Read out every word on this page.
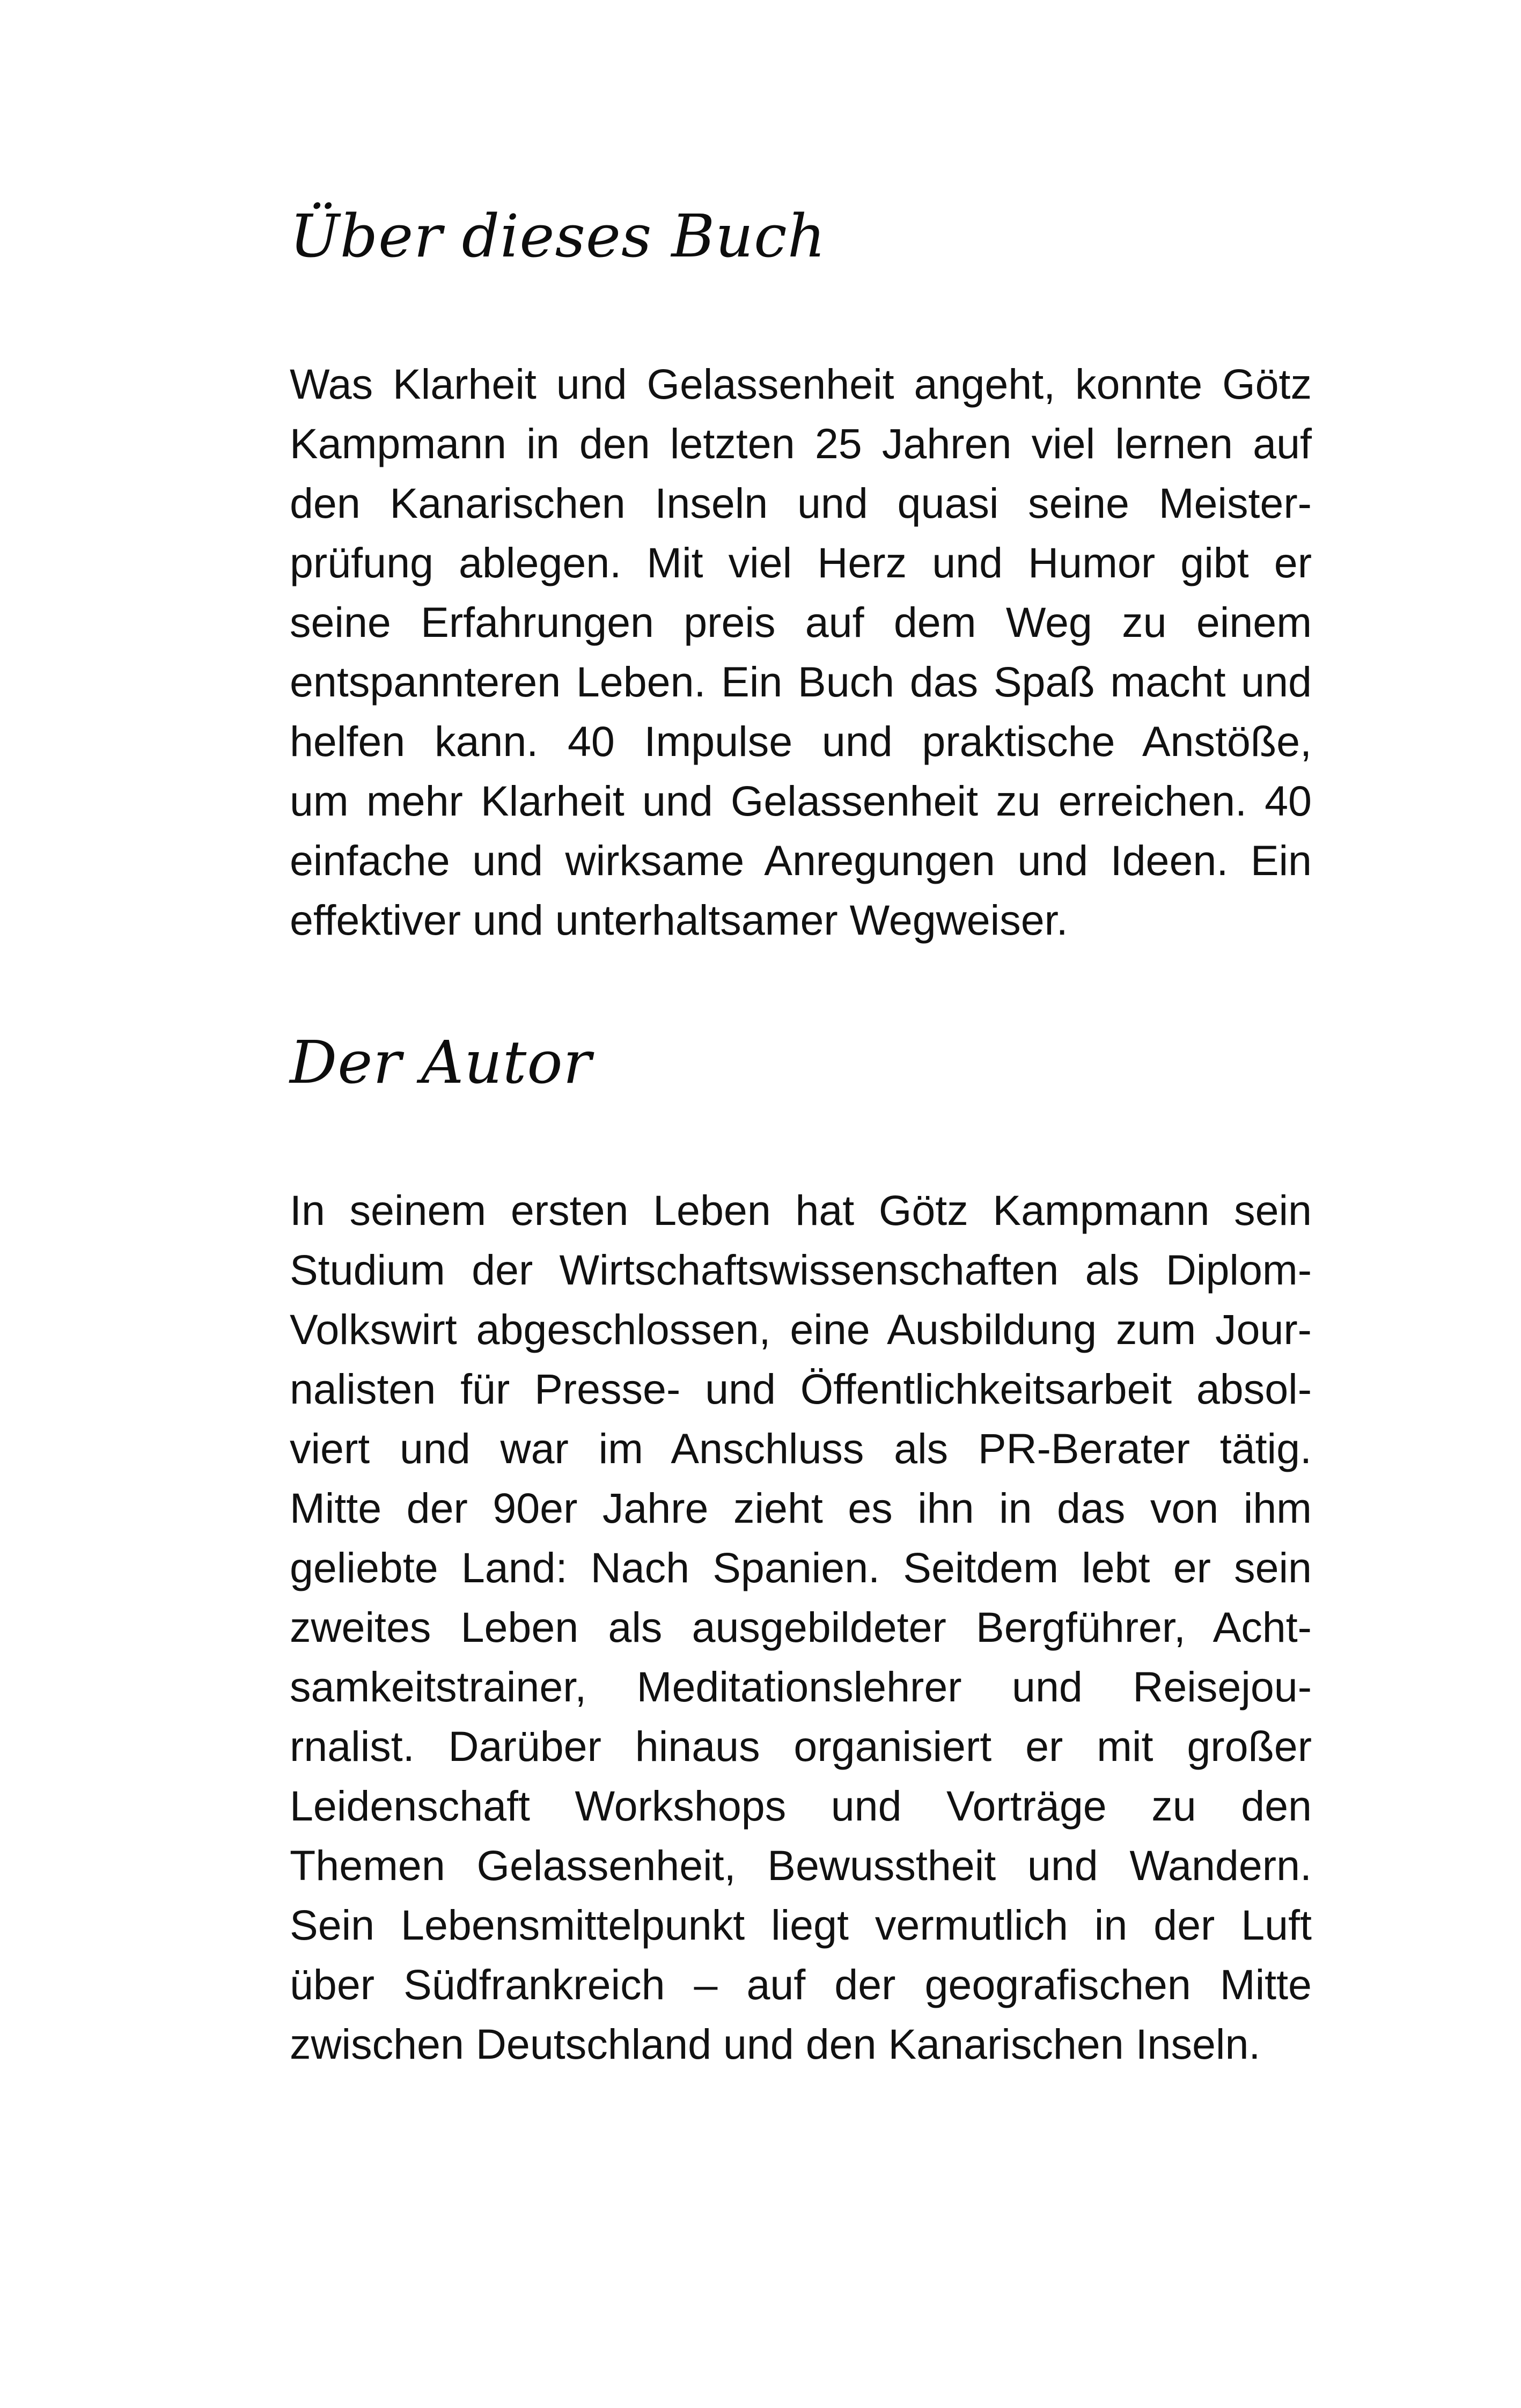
Über dieses Buch
Was Klarheit und Gelassenheit angeht, konnte Götz
Kampmann in den letzten 25 Jahren viel lernen auf
den Kanarischen Inseln und quasi seine Meister-
prüfung ablegen. Mit viel Herz und Humor gibt er
seine Erfahrungen preis auf dem Weg zu einem
entspannteren Leben. Ein Buch das Spaß macht und
helfen kann. 40 Impulse und praktische Anstöße,
um mehr Klarheit und Gelassenheit zu erreichen. 40
einfache und wirksame Anregungen und Ideen. Ein
effektiver und unterhaltsamer Wegweiser.
Der Autor
In seinem ersten Leben hat Götz Kampmann sein
Studium der Wirtschaftswissenschaften als Diplom-
Volkswirt abgeschlossen, eine Ausbildung zum Jour-
nalisten für Presse- und Öffentlichkeitsarbeit absol-
viert und war im Anschluss als PR-Berater tätig.
Mitte der 90er Jahre zieht es ihn in das von ihm
geliebte Land: Nach Spanien. Seitdem lebt er sein
zweites Leben als ausgebildeter Bergführer, Acht-
samkeitstrainer, Meditationslehrer und Reisejou-
rnalist. Darüber hinaus organisiert er mit großer
Leidenschaft Workshops und Vorträge zu den
Themen Gelassenheit, Bewusstheit und Wandern.
Sein Lebensmittelpunkt liegt vermutlich in der Luft
über Südfrankreich – auf der geografischen Mitte
zwischen Deutschland und den Kanarischen Inseln.
